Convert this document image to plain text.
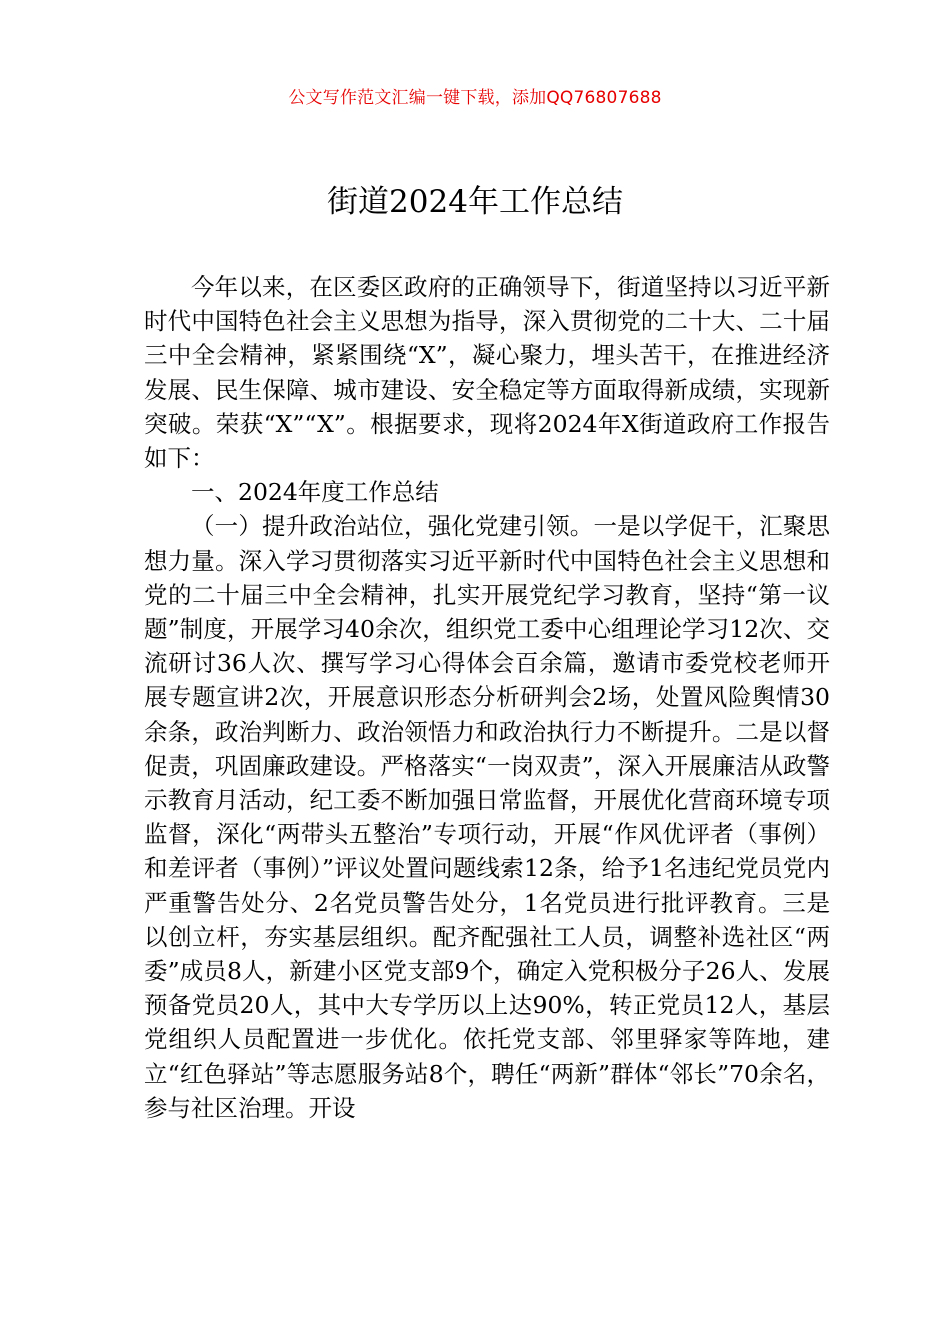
公文写作范文汇编一键下载，添加QQ76807688
街道2024年工作总结

今年以来，在区委区政府的正确领导下，街道坚持以习近平新时代中国特色社会主义思想为指导，深入贯彻党的二十大、二十届三中全会精神，紧紧围绕“X”，凝心聚力，埋头苦干，在推进经济发展、民生保障、城市建设、安全稳定等方面取得新成绩，实现新突破。荣获“X”“X”。根据要求，现将2024年X街道政府工作报告如下：

一、2024年度工作总结

（一）提升政治站位，强化党建引领。一是以学促干，汇聚思想力量。深入学习贯彻落实习近平新时代中国特色社会主义思想和党的二十届三中全会精神，扎实开展党纪学习教育，坚持“第一议题”制度，开展学习40余次，组织党工委中心组理论学习12次、交流研讨36人次、撰写学习心得体会百余篇，邀请市委党校老师开展专题宣讲2次，开展意识形态分析研判会2场，处置风险舆情30余条，政治判断力、政治领悟力和政治执行力不断提升。二是以督促责，巩固廉政建设。严格落实“一岗双责”，深入开展廉洁从政警示教育月活动，纪工委不断加强日常监督，开展优化营商环境专项监督，深化“两带头五整治”专项行动，开展“作风优评者（事例）和差评者（事例）”评议处置问题线索12条，给予1名违纪党员党内严重警告处分、2名党员警告处分，1名党员进行批评教育。三是以创立杆，夯实基层组织。配齐配强社工人员，调整补选社区“两委”成员8人，新建小区党支部9个，确定入党积极分子26人、发展预备党员20人，其中大专学历以上达90%，转正党员12人，基层党组织人员配置进一步优化。依托党支部、邻里驿家等阵地，建立“红色驿站”等志愿服务站8个，聘任“两新”群体“邻长”70余名，参与社区治理。开设
